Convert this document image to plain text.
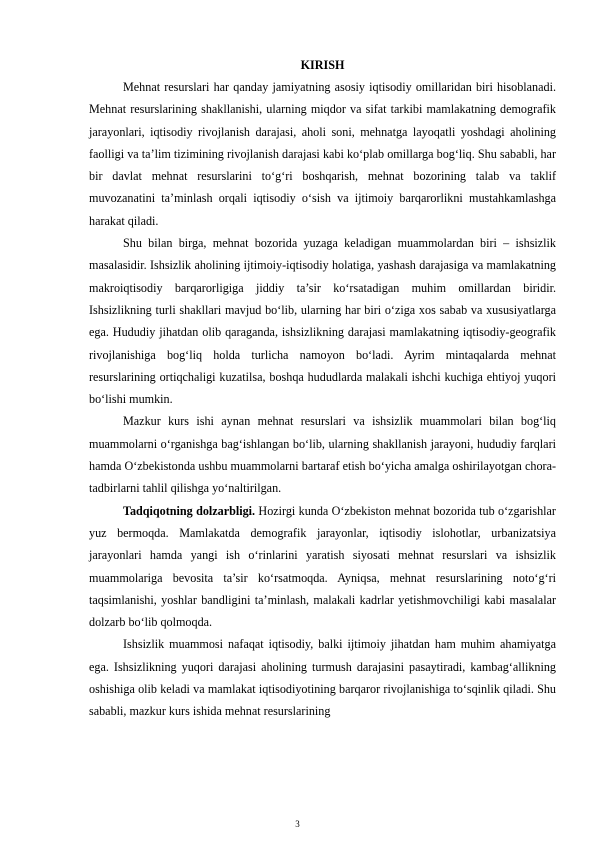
KIRISH

Mehnat resurslari har qanday jamiyatning asosiy iqtisodiy omillaridan biri hisoblanadi. Mehnat resurslarining shakllanishi, ularning miqdor va sifat tarkibi mamlakatning demografik jarayonlari, iqtisodiy rivojlanish darajasi, aholi soni, mehnatga layoqatli yoshdagi aholining faolligi va ta’lim tizimining rivojlanish darajasi kabi ko‘plab omillarga bog‘liq. Shu sababli, har bir davlat mehnat resurslarini to‘g‘ri boshqarish, mehnat bozorining talab va taklif muvozanatini ta’minlash orqali iqtisodiy o‘sish va ijtimoiy barqarorlikni mustahkamlashga harakat qiladi.

Shu bilan birga, mehnat bozorida yuzaga keladigan muammolardan biri – ishsizlik masalasidir. Ishsizlik aholining ijtimoiy-iqtisodiy holatiga, yashash darajasiga va mamlakatning makroiqtisodiy barqarorligiga jiddiy ta’sir ko‘rsatadigan muhim omillardan biridir. Ishsizlikning turli shakllari mavjud bo‘lib, ularning har biri o‘ziga xos sabab va xususiyatlarga ega. Hududiy jihatdan olib qaraganda, ishsizlikning darajasi mamlakatning iqtisodiy-geografik rivojlanishiga bog‘liq holda turlicha namoyon bo‘ladi. Ayrim mintaqalarda mehnat resurslarining ortiqchaligi kuzatilsa, boshqa hududlarda malakali ishchi kuchiga ehtiyoj yuqori bo‘lishi mumkin.

Mazkur kurs ishi aynan mehnat resurslari va ishsizlik muammolari bilan bog‘liq muammolarni o‘rganishga bag‘ishlangan bo‘lib, ularning shakllanish jarayoni, hududiy farqlari hamda O‘zbekistonda ushbu muammolarni bartaraf etish bo‘yicha amalga oshirilayotgan chora-tadbirlarni tahlil qilishga yo‘naltirilgan.

Tadqiqotning dolzarbligi. Hozirgi kunda O‘zbekiston mehnat bozorida tub o‘zgarishlar yuz bermoqda. Mamlakatda demografik jarayonlar, iqtisodiy islohotlar, urbanizatsiya jarayonlari hamda yangi ish o‘rinlarini yaratish siyosati mehnat resurslari va ishsizlik muammolariga bevosita ta’sir ko‘rsatmoqda. Ayniqsa, mehnat resurslarining noto‘g‘ri taqsimlanishi, yoshlar bandligini ta’minlash, malakali kadrlar yetishmovchiligi kabi masalalar dolzarb bo‘lib qolmoqda.

Ishsizlik muammosi nafaqat iqtisodiy, balki ijtimoiy jihatdan ham muhim ahamiyatga ega. Ishsizlikning yuqori darajasi aholining turmush darajasini pasaytiradi, kambag‘allikning oshishiga olib keladi va mamlakat iqtisodiyotining barqaror rivojlanishiga to‘sqinlik qiladi. Shu sababli, mazkur kurs ishida mehnat resurslarining

3
